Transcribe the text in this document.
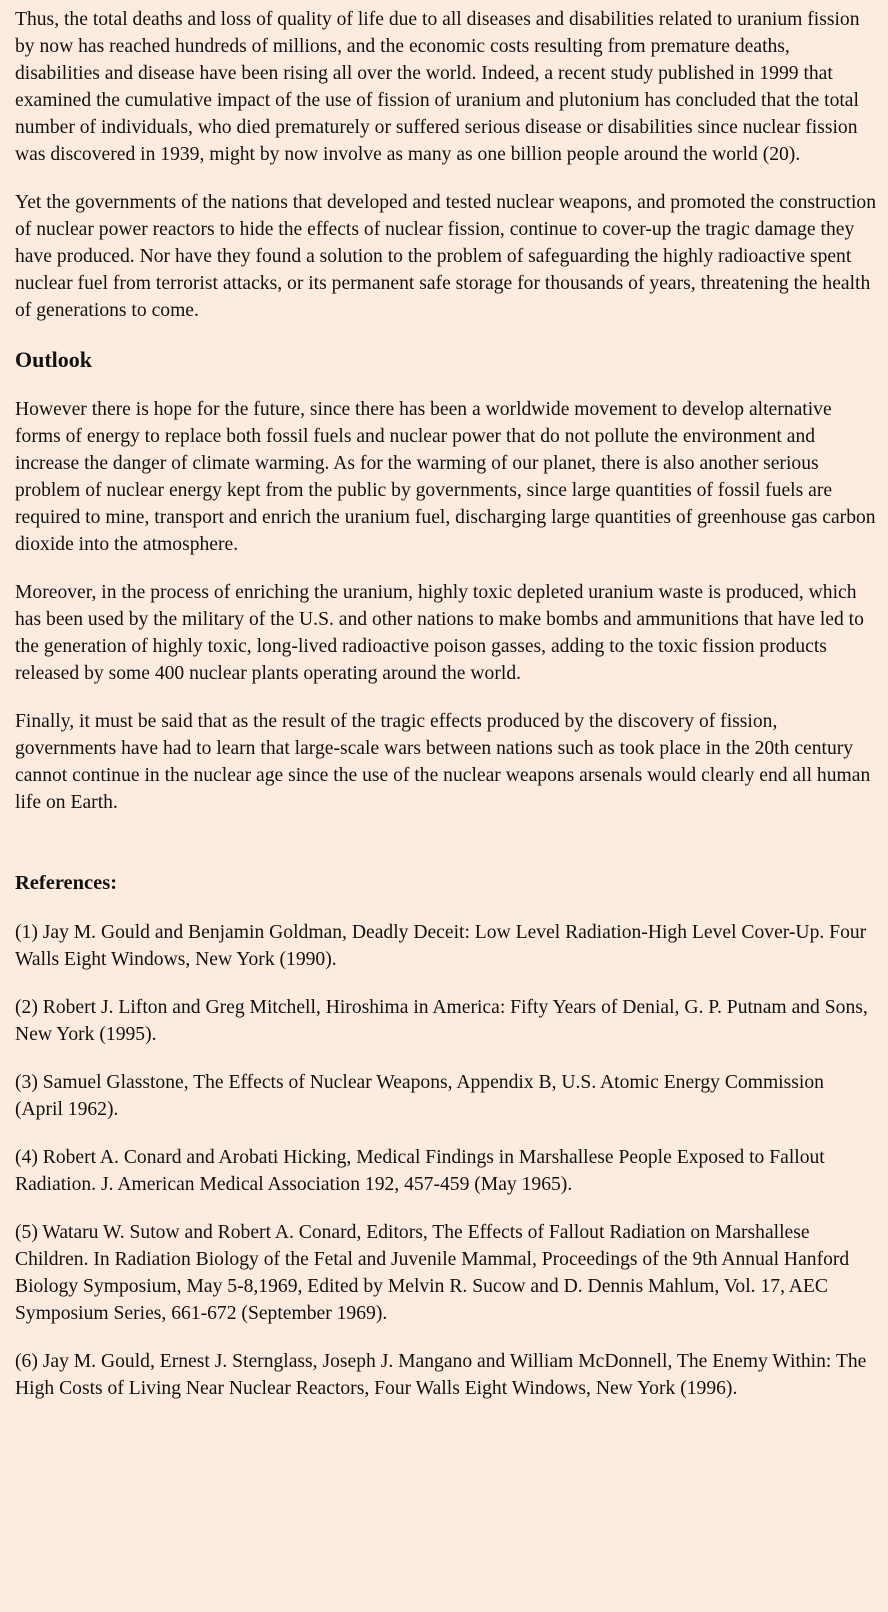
Thus, the total deaths and loss of quality of life due to all diseases and disabilities related to uranium fission by now has reached hundreds of millions, and the economic costs resulting from premature deaths, disabilities and disease have been rising all over the world. Indeed, a recent study published in 1999 that examined the cumulative impact of the use of fission of uranium and plutonium has concluded that the total number of individuals, who died prematurely or suffered serious disease or disabilities since nuclear fission was discovered in 1939, might by now involve as many as one billion people around the world (20).

Yet the governments of the nations that developed and tested nuclear weapons, and promoted the construction of nuclear power reactors to hide the effects of nuclear fission, continue to cover-up the tragic damage they have produced. Nor have they found a solution to the problem of safeguarding the highly radioactive spent nuclear fuel from terrorist attacks, or its permanent safe storage for thousands of years, threatening the health of generations to come.

Outlook

However there is hope for the future, since there has been a worldwide movement to develop alternative forms of energy to replace both fossil fuels and nuclear power that do not pollute the environment and increase the danger of climate warming. As for the warming of our planet, there is also another serious problem of nuclear energy kept from the public by governments, since large quantities of fossil fuels are required to mine, transport and enrich the uranium fuel, discharging large quantities of greenhouse gas carbon dioxide into the atmosphere.

Moreover, in the process of enriching the uranium, highly toxic depleted uranium waste is produced, which has been used by the military of the U.S. and other nations to make bombs and ammunitions that have led to the generation of highly toxic, long-lived radioactive poison gasses, adding to the toxic fission products released by some 400 nuclear plants operating around the world.

Finally, it must be said that as the result of the tragic effects produced by the discovery of fission, governments have had to learn that large-scale wars between nations such as took place in the 20th century cannot continue in the nuclear age since the use of the nuclear weapons arsenals would clearly end all human life on Earth.

References:

(1) Jay M. Gould and Benjamin Goldman, Deadly Deceit: Low Level Radiation-High Level Cover-Up. Four Walls Eight Windows, New York (1990).

(2) Robert J. Lifton and Greg Mitchell, Hiroshima in America: Fifty Years of Denial, G. P. Putnam and Sons, New York (1995).

(3) Samuel Glasstone, The Effects of Nuclear Weapons, Appendix B, U.S. Atomic Energy Commission (April 1962).

(4) Robert A. Conard and Arobati Hicking, Medical Findings in Marshallese People Exposed to Fallout Radiation. J. American Medical Association 192, 457-459 (May 1965).

(5) Wataru W. Sutow and Robert A. Conard, Editors, The Effects of Fallout Radiation on Marshallese Children. In Radiation Biology of the Fetal and Juvenile Mammal, Proceedings of the 9th Annual Hanford Biology Symposium, May 5-8,1969, Edited by Melvin R. Sucow and D. Dennis Mahlum, Vol. 17, AEC Symposium Series, 661-672 (September 1969).

(6) Jay M. Gould, Ernest J. Sternglass, Joseph J. Mangano and William McDonnell, The Enemy Within: The High Costs of Living Near Nuclear Reactors, Four Walls Eight Windows, New York (1996).
